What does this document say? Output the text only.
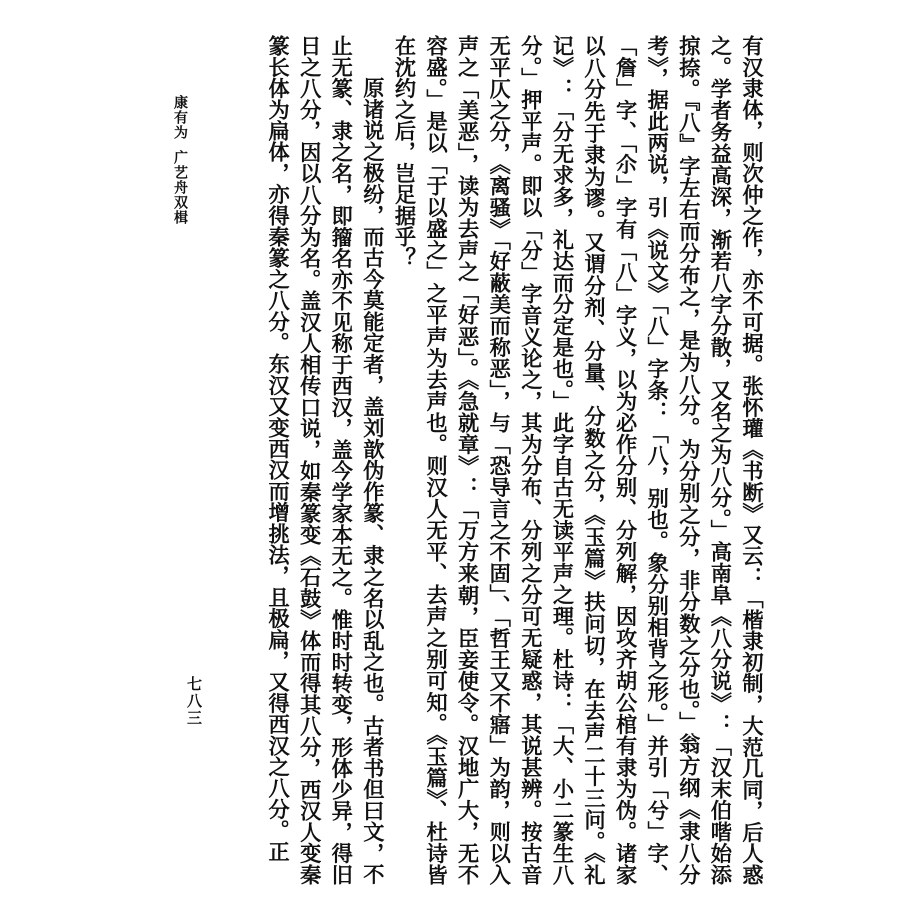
康有为广艺舟双楫
七八三	有汉隶体，则次仲之作，亦不可据。张怀瓘《书断》又云：「楷隶初制，大范几同，后人惑之。学者务益高深，渐若八字分散，又名之为八分。」高南阜《八分说》：「汉末伯喈始添掠捺。『八』字左右而分布之，是为八分。为分别之分，非分数之分也。」翁方纲《隶八分考》，据此两说，引《说文》「八」字条：「八，别也。象分别相背之形。」并引「兮」字、「詹」字、「尒」字有「八」字义，以为必作分别、分列解，因攻齐胡公棺有隶为伪。诸家以八分先于隶为谬。又谓分剂、分量、分数之分，《玉篇》扶问切，在去声二十三问。《礼记》：「分无求多，礼达而分定是也。」此字自古无读平声之理。杜诗：「大、小二篆生八分。」押平声。即以「分」字音义论之，其为分布、分列之分可无疑惑，其说甚辨。按古音无平仄之分，《离骚》「好蔽美而称恶」，与「恐导言之不固」、「哲王又不寤」为韵，则以入声之「美恶」，读为去声之「好恶」。《急就章》：「万方来朝，臣妾使令。汉地广大，无不容盛。」是以「于以盛之」之平声为去声也。则汉人无平、去声之别可知。《玉篇》、杜诗皆在沈约之后，岂足据乎？

原诸说之极纷，而古今莫能定者，盖刘歆伪作篆、隶之名以乱之也。古者书但曰文，不止无篆、隶之名，即籀名亦不见称于西汉，盖今学家本无之。惟时时转变，形体少异，得旧日之八分，因以八分为名。盖汉人相传口说，如秦篆变《石鼓》体而得其八分，西汉人变秦篆长体为扁体，亦得秦篆之八分。东汉又变西汉而增挑法，且极扁，又得西汉之八分。正
